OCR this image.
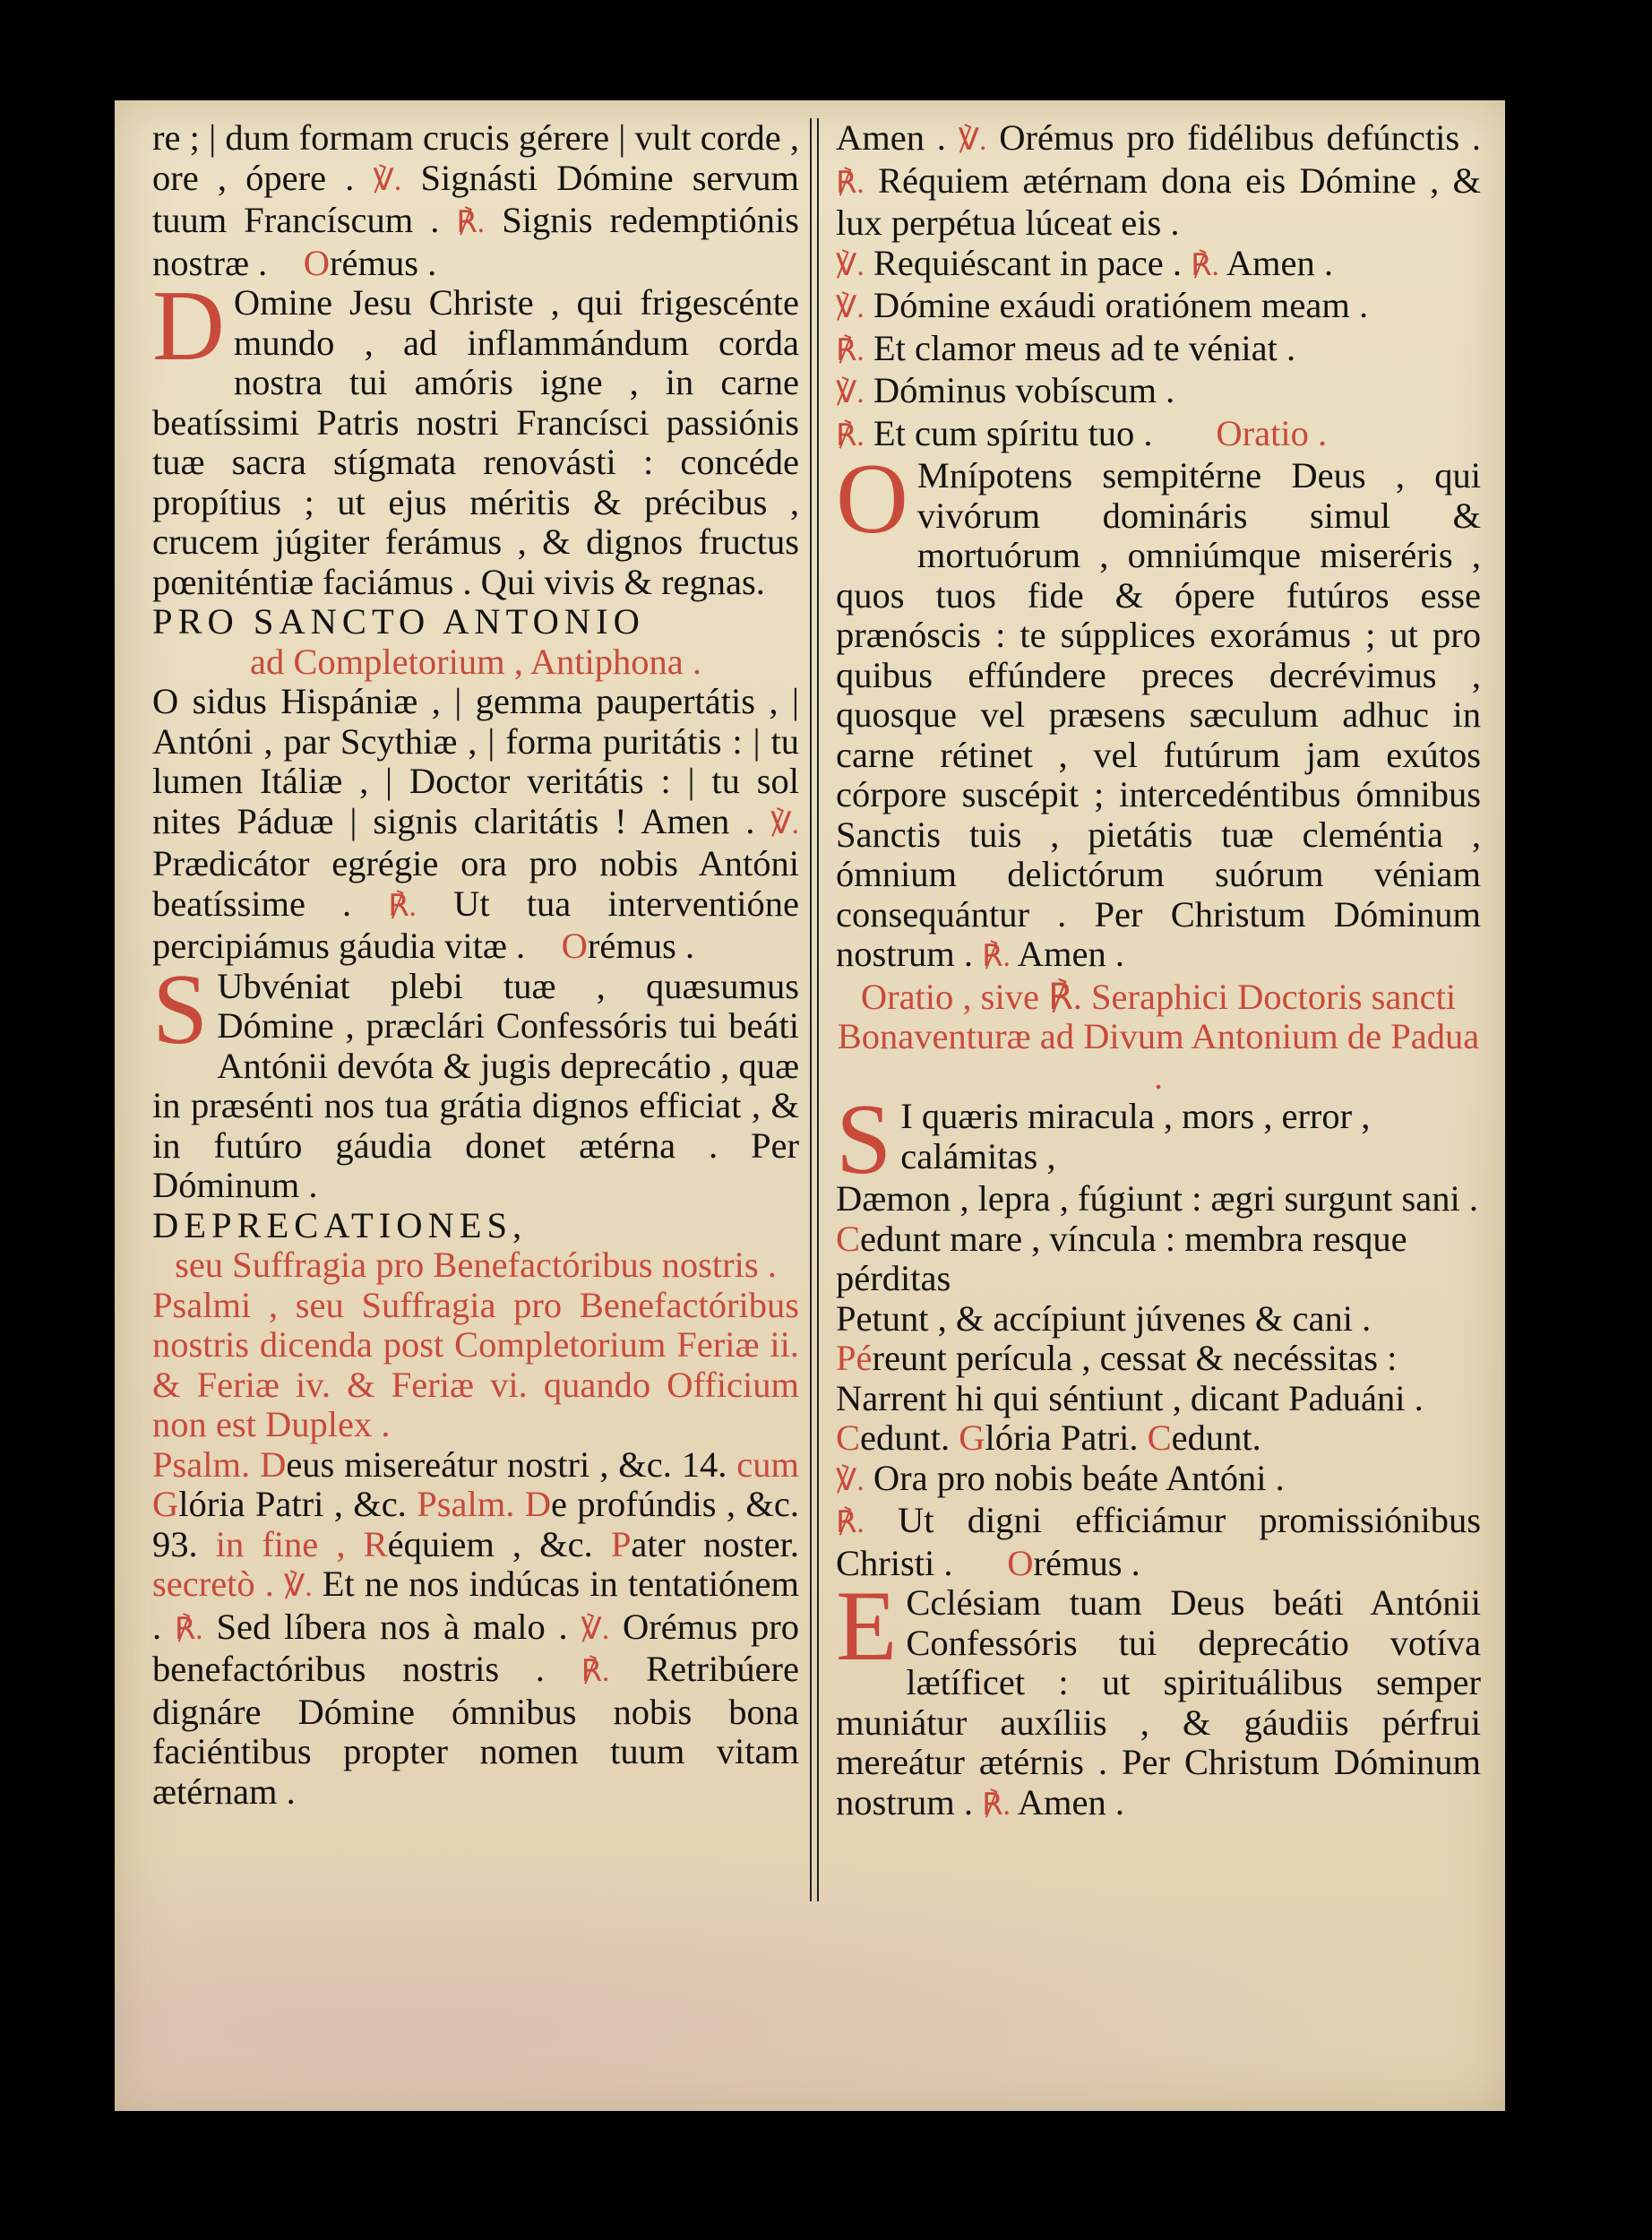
re ; | dum formam crucis gérere | vult corde , ore , ópere . ℣. Signásti Dómine servum tuum Francíscum . ℟. Signis redemptiónis nostræ . Orémus .

D Omine Jesu Christe , qui frigescénte mundo , ad inflammándum corda nostra tui amóris igne , in carne beatíssimi Patris nostri Francísci passiónis tuæ sacra stígmata renovásti : concéde propítius ; ut ejus méritis & précibus , crucem júgiter ferámus , & dignos fructus pœniténtiæ faciámus . Qui vivis & regnas.

PRO SANCTO ANTONIO

ad Completorium , Antiphona .

O sidus Hispániæ , | gemma paupertátis , | Antóni , par Scythiæ , | forma puritátis : | tu lumen Itáliæ , | Doctor veritátis : | tu sol nites Páduæ | signis claritátis ! Amen . ℣. Prædicátor egrégie ora pro nobis Antóni beatíssime . ℟. Ut tua interventióne percipiámus gáudia vitæ . Orémus .

S Ubvéniat plebi tuæ , quæsumus Dómine , præclári Confessóris tui beáti Antónii devóta & jugis deprecátio , quæ in præsénti nos tua grátia dignos efficiat , & in futúro gáudia donet ætérna . Per Dóminum .

DEPRECATIONES,

seu Suffragia pro Benefactóribus nostris .

Psalmi , seu Suffragia pro Benefactóribus nostris dicenda post Completorium Feriæ ii. & Feriæ iv. & Feriæ vi. quando Officium non est Duplex .

Psalm. Deus misereátur nostri , &c. 14. cum Glória Patri , &c. Psalm. De profúndis , &c. 93. in fine , Réquiem , &c. Pater noster. secretò . ℣. Et ne nos indúcas in tentatiónem . ℟. Sed líbera nos à malo . ℣. Orémus pro benefactóribus nostris . ℟. Retribúere dignáre Dómine ómnibus nobis bona faciéntibus propter nomen tuum vitam ætérnam .

Amen . ℣. Orémus pro fidélibus defúnctis . ℟. Réquiem ætérnam dona eis Dómine , & lux perpétua lúceat eis .

℣. Requiéscant in pace . ℟. Amen .

℣. Dómine exáudi oratiónem meam .

℟. Et clamor meus ad te véniat .

℣. Dóminus vobíscum .

℟. Et cum spíritu tuo . Oratio .

O Mnípotens sempitérne Deus , qui vivórum domináris simul & mortuórum , omniúmque miseréris , quos tuos fide & ópere futúros esse prænóscis : te súpplices exorámus ; ut pro quibus effúndere preces decrévimus , quosque vel præsens sæculum adhuc in carne rétinet , vel futúrum jam exútos córpore suscépit ; intercedéntibus ómnibus Sanctis tuis , pietátis tuæ cleméntia , ómnium delictórum suórum véniam consequántur . Per Christum Dóminum nostrum . ℟. Amen .

Oratio , sive ℟. Seraphici Doctoris sancti Bonaventuræ ad Divum Antonium de Padua .

S I quæris miracula , mors , error , calámitas ,

Dæmon , lepra , fúgiunt : ægri surgunt sani .

Cedunt mare , víncula : membra resque pérditas

Petunt , & accípiunt júvenes & cani .

Péreunt perícula , cessat & necéssitas :

Narrent hi qui séntiunt , dicant Paduáni .

Cedunt. Glória Patri. Cedunt.

℣. Ora pro nobis beáte Antóni .

℟. Ut digni efficiámur promissiónibus Christi . Orémus .

E Cclésiam tuam Deus beáti Antónii Confessóris tui deprecátio votíva lætíficet : ut spirituálibus semper muniátur auxíliis , & gáudiis pérfrui mereátur ætérnis . Per Christum Dóminum nostrum . ℟. Amen .
